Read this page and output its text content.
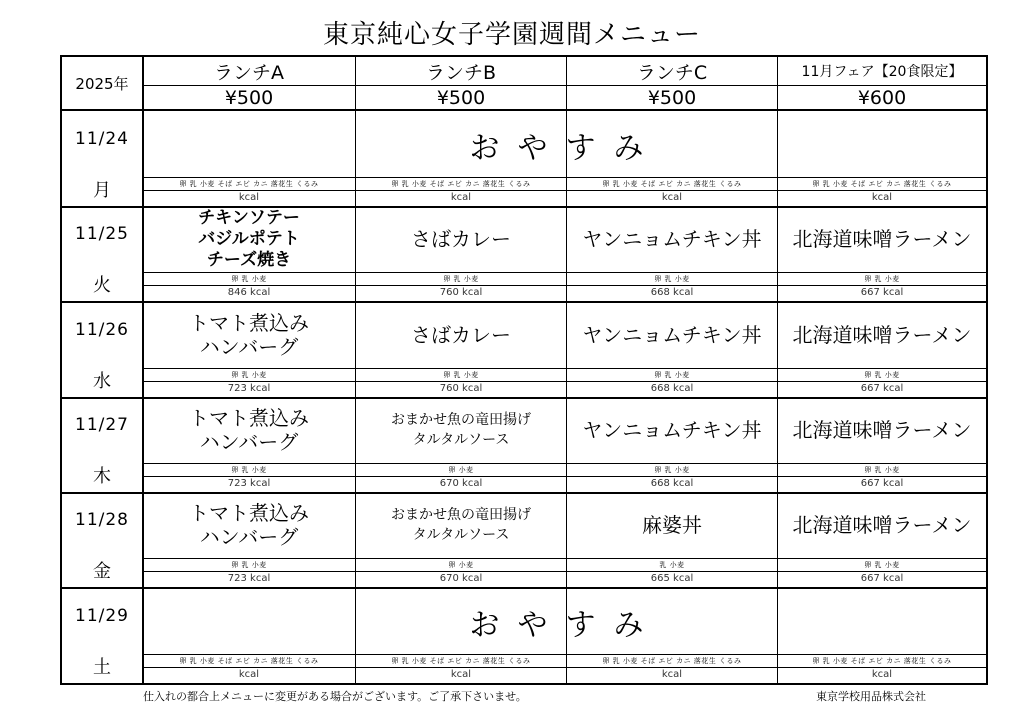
東京純心女子学園週間メニュー
2025年	ランチA
¥500
ランチB
¥500
ランチC
¥500
11月フェア【20食限定】
¥600
11/24
月
おやすみ
卵 乳 小麦 そば エビ カニ 落花生 くるみ
kcal
卵 乳 小麦 そば エビ カニ 落花生 くるみ
kcal
卵 乳 小麦 そば エビ カニ 落花生 くるみ
kcal
卵 乳 小麦 そば エビ カニ 落花生 くるみ
kcal
11/25
火
チキンソテー
バジルポテト
チーズ焼き
卵 乳 小麦
846 kcal
さばカレー
卵 乳 小麦
760 kcal
ヤンニョムチキン丼
卵 乳 小麦
668 kcal
北海道味噌ラーメン
卵 乳 小麦
667 kcal
11/26
水
トマト煮込み
ハンバーグ
卵 乳 小麦
723 kcal
さばカレー
卵 乳 小麦
760 kcal
ヤンニョムチキン丼
卵 乳 小麦
668 kcal
北海道味噌ラーメン
卵 乳 小麦
667 kcal
11/27
木
トマト煮込み
ハンバーグ
卵 乳 小麦
723 kcal
おまかせ魚の竜田揚げ
タルタルソース
卵 小麦
670 kcal
ヤンニョムチキン丼
卵 乳 小麦
668 kcal
北海道味噌ラーメン
卵 乳 小麦
667 kcal
11/28
金
トマト煮込み
ハンバーグ
卵 乳 小麦
723 kcal
おまかせ魚の竜田揚げ
タルタルソース
卵 小麦
670 kcal
麻婆丼
乳 小麦
665 kcal
北海道味噌ラーメン
卵 乳 小麦
667 kcal
11/29
土
おやすみ
卵 乳 小麦 そば エビ カニ 落花生 くるみ
kcal
卵 乳 小麦 そば エビ カニ 落花生 くるみ
kcal
卵 乳 小麦 そば エビ カニ 落花生 くるみ
kcal
卵 乳 小麦 そば エビ カニ 落花生 くるみ
kcal
仕入れの都合上メニューに変更がある場合がございます。ご了承下さいませ。	東京学校用品株式会社
